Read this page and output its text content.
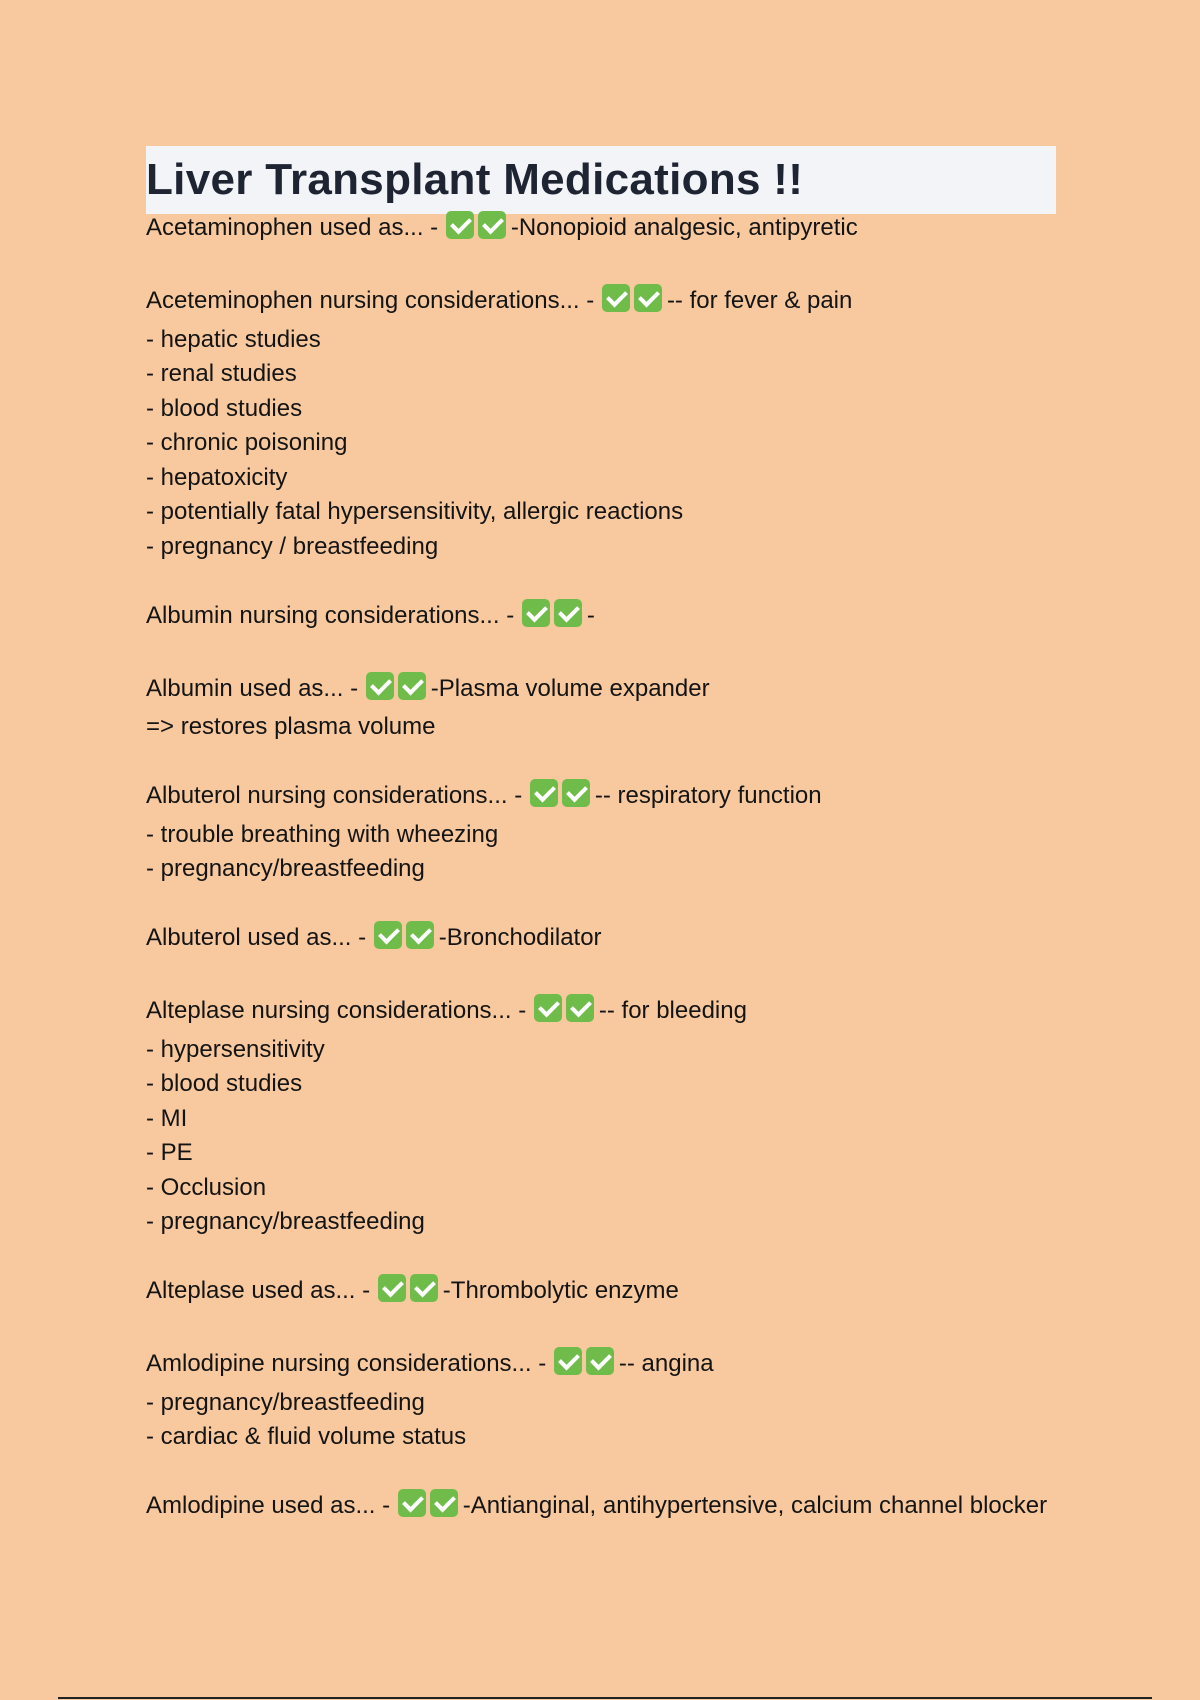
Liver Transplant Medications !!
Acetaminophen used as... -	-Nonopioid analgesic, antipyretic
Aceteminophen nursing considerations... -	-- for fever & pain
- hepatic studies
- renal studies
- blood studies
- chronic poisoning
- hepatoxicity
- potentially fatal hypersensitivity, allergic reactions
- pregnancy / breastfeeding
Albumin nursing considerations... -	-
Albumin used as... -	-Plasma volume expander
=> restores plasma volume
Albuterol nursing considerations... -	-- respiratory function
- trouble breathing with wheezing
- pregnancy/breastfeeding
Albuterol used as... -	-Bronchodilator
Alteplase nursing considerations... -	-- for bleeding
- hypersensitivity
- blood studies
- MI
- PE
- Occlusion
- pregnancy/breastfeeding
Alteplase used as... -	-Thrombolytic enzyme
Amlodipine nursing considerations... -	-- angina
- pregnancy/breastfeeding
- cardiac & fluid volume status
Amlodipine used as... -	-Antianginal, antihypertensive, calcium channel blocker
